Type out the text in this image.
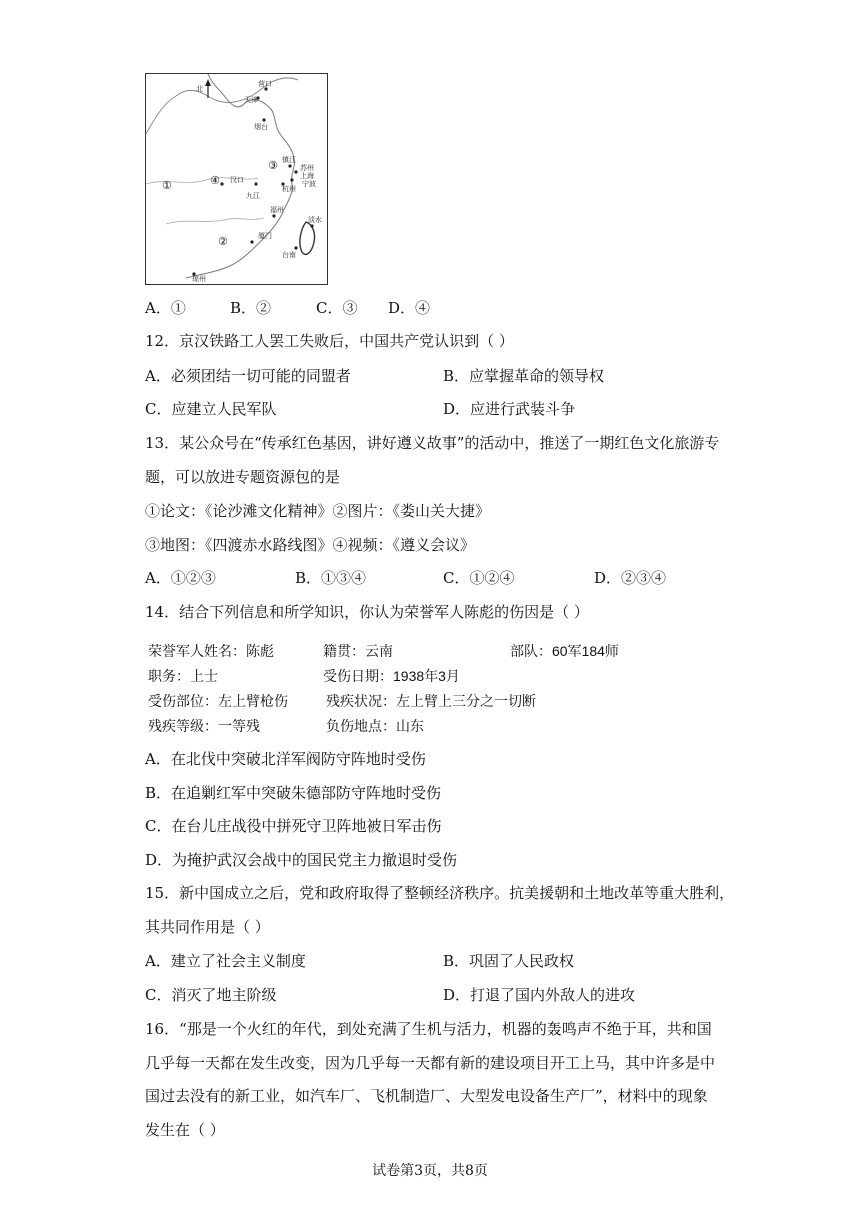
北
营口
天津
烟台
镇江
苏州
上海
杭州
宁波
汉口
九江
福州
厦门
淡水
台南
琼州
①
②
③
④
A．①	B．②	C．③ D．④
12．京汉铁路工人罢工失败后，中国共产党认识到（ ）
A．必须团结一切可能的同盟者	B．应掌握革命的领导权
C．应建立人民军队	D．应进行武装斗争
13．某公众号在“传承红色基因，讲好遵义故事”的活动中，推送了一期红色文化旅游专
题，可以放进专题资源包的是
①论文：《论沙滩文化精神》②图片：《娄山关大捷》
③地图：《四渡赤水路线图》④视频：《遵义会议》
A．①②③	B．①③④	C．①②④	D．②③④
14．结合下列信息和所学知识，你认为荣誉军人陈彪的伤因是（ ）
荣誉军人姓名：陈彪	籍贯：云南	部队：60军184师
职务：上士	受伤日期：1938年3月
受伤部位：左上臂枪伤	残疾状况：左上臂上三分之一切断
残疾等级：一等残	负伤地点：山东
A．在北伐中突破北洋军阀防守阵地时受伤
B．在追剿红军中突破朱德部防守阵地时受伤
C．在台儿庄战役中拼死守卫阵地被日军击伤
D．为掩护武汉会战中的国民党主力撤退时受伤
15．新中国成立之后，党和政府取得了整顿经济秩序。抗美援朝和土地改革等重大胜利，
其共同作用是（ ）
A．建立了社会主义制度	B．巩固了人民政权
C．消灭了地主阶级	D．打退了国内外敌人的进攻
16．“那是一个火红的年代，到处充满了生机与活力，机器的轰鸣声不绝于耳，共和国
几乎每一天都在发生改变，因为几乎每一天都有新的建设项目开工上马，其中许多是中
国过去没有的新工业，如汽车厂、飞机制造厂、大型发电设备生产厂”，材料中的现象
发生在（ ）
试卷第3页，共8页
